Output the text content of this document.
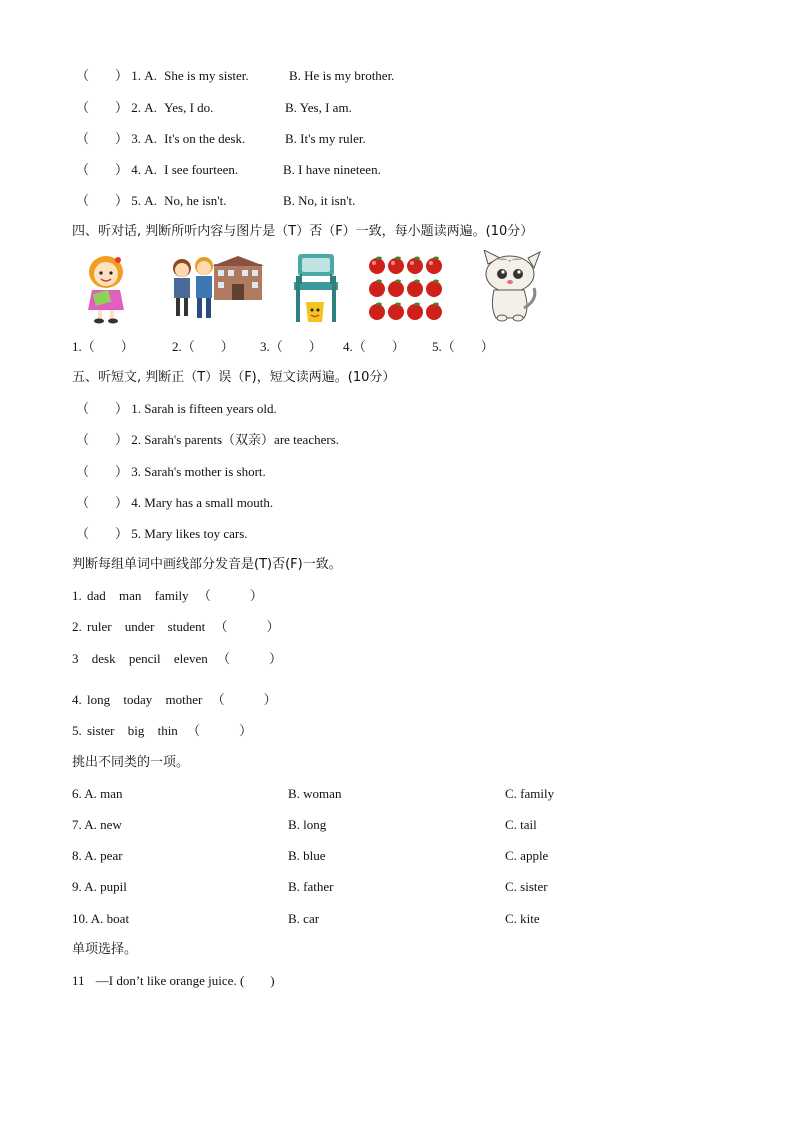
（　　） 1. A. She is my sister.	B. He is my brother.
（　　） 2. A. Yes, I do.	B. Yes, I am.
（　　） 3. A. It's on the desk.	B. It's my ruler.
（　　） 4. A. I see fourteen.	B. I have nineteen.
（　　） 5. A. No, he isn't.	B. No, it isn't.
四、听对话, 判断所听内容与图片是（T）否（F）一致，每小题读两遍。(10分）
1.（　　）	2.（　　） 3.（　　） 4.（　　） 5.（　　）
五、听短文, 判断正（T）误（F)，短文读两遍。(10分）
（　　） 1. Sarah is fifteen years old.
（　　） 2. Sarah's parents（双亲）are teachers.
（　　） 3. Sarah's mother is short.
（　　） 4. Mary has a small mouth.
（　　） 5. Mary likes toy cars.
判断每组单词中画线部分发音是(T)否(F)一致。
1. dad man family （　　　）
2. ruler under student （　　　）
3 desk pencil eleven （　　　）
4. long today mother （　　　）
5. sister big thin （　　　）
挑出不同类的一项。
6. A. man	B. woman	C. family
7. A. new	B. long	C. tail
8. A. pear	B. blue	C. apple
9. A. pupil	B. father	C. sister
10. A. boat	B. car	C. kite
单项选择。
11 —I don’t like orange juice. (　　)
